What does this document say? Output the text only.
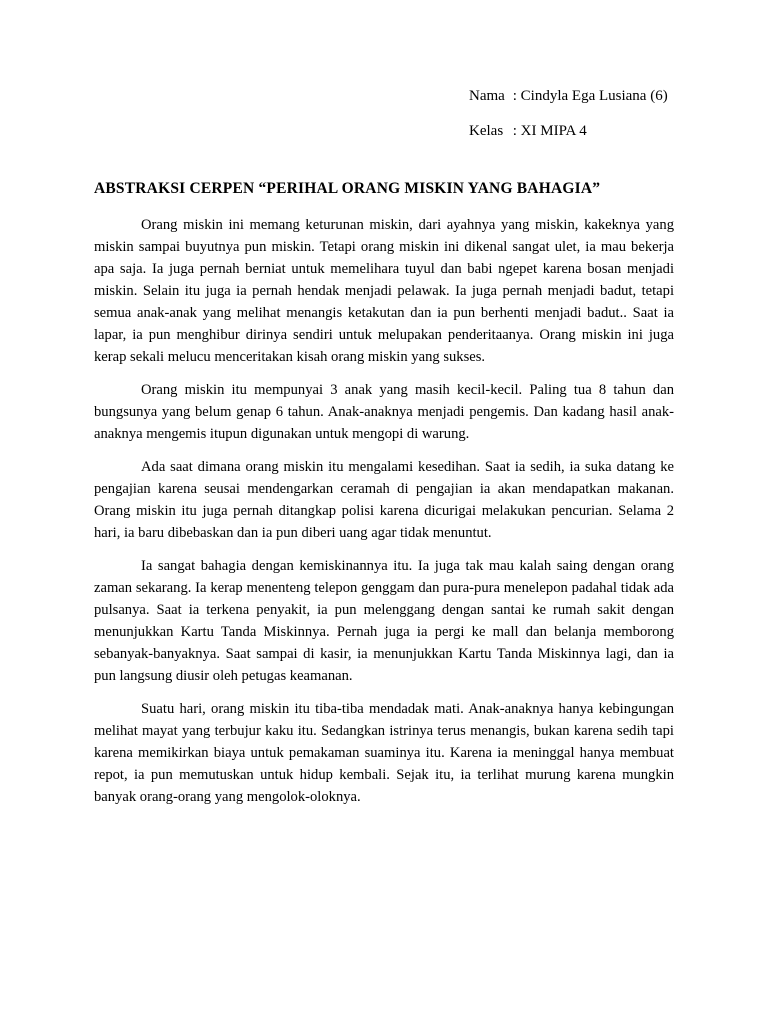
Nama : Cindyla Ega Lusiana (6)
Kelas : XI MIPA 4
ABSTRAKSI CERPEN “PERIHAL ORANG MISKIN YANG BAHAGIA”

Orang miskin ini memang keturunan miskin, dari ayahnya yang miskin, kakeknya yang miskin sampai buyutnya pun miskin. Tetapi orang miskin ini dikenal sangat ulet, ia mau bekerja apa saja. Ia juga pernah berniat untuk memelihara tuyul dan babi ngepet karena bosan menjadi miskin. Selain itu juga ia pernah hendak menjadi pelawak. Ia juga pernah menjadi badut, tetapi semua anak-anak yang melihat menangis ketakutan dan ia pun berhenti menjadi badut.. Saat ia lapar, ia pun menghibur dirinya sendiri untuk melupakan penderitaanya. Orang miskin ini juga kerap sekali melucu menceritakan kisah orang miskin yang sukses.

Orang miskin itu mempunyai 3 anak yang masih kecil-kecil. Paling tua 8 tahun dan bungsunya yang belum genap 6 tahun. Anak-anaknya menjadi pengemis. Dan kadang hasil anak-anaknya mengemis itupun digunakan untuk mengopi di warung.

Ada saat dimana orang miskin itu mengalami kesedihan. Saat ia sedih, ia suka datang ke pengajian karena seusai mendengarkan ceramah di pengajian ia akan mendapatkan makanan. Orang miskin itu juga pernah ditangkap polisi karena dicurigai melakukan pencurian. Selama 2 hari, ia baru dibebaskan dan ia pun diberi uang agar tidak menuntut.

Ia sangat bahagia dengan kemiskinannya itu. Ia juga tak mau kalah saing dengan orang zaman sekarang. Ia kerap menenteng telepon genggam dan pura-pura menelepon padahal tidak ada pulsanya. Saat ia terkena penyakit, ia pun melenggang dengan santai ke rumah sakit dengan menunjukkan Kartu Tanda Miskinnya. Pernah juga ia pergi ke mall dan belanja memborong sebanyak-banyaknya. Saat sampai di kasir, ia menunjukkan Kartu Tanda Miskinnya lagi, dan ia pun langsung diusir oleh petugas keamanan.

Suatu hari, orang miskin itu tiba-tiba mendadak mati. Anak-anaknya hanya kebingungan melihat mayat yang terbujur kaku itu. Sedangkan istrinya terus menangis, bukan karena sedih tapi karena memikirkan biaya untuk pemakaman suaminya itu. Karena ia meninggal hanya membuat repot, ia pun memutuskan untuk hidup kembali. Sejak itu, ia terlihat murung karena mungkin banyak orang-orang yang mengolok-oloknya.
